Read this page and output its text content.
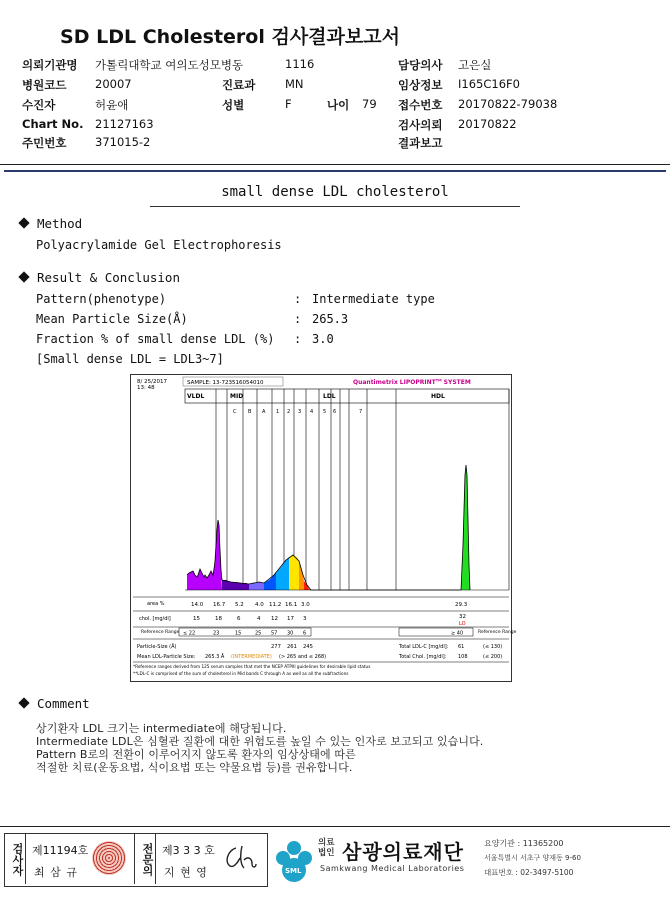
SD LDL Cholesterol 검사결과보고서
의뢰기관명 가톨릭대학교 여의도성모병동	1116	담당의사 고은실
병원코드 20007	진료과	MN	임상정보 I165C16F0
수진자	허윤애	성별	F	나이 79 접수번호 20170822-79038
Chart No. 21127163	검사의뢰 20170822
주민번호 371015-2	결과보고
small dense LDL cholesterol
Method
Polyacrylamide Gel Electrophoresis
Result & Conclusion
Pattern(phenotype)	: Intermediate type
Mean Particle Size(Å)	: 265.3
Fraction % of small dense LDL (%) : 3.0
[Small dense LDL = LDL3~7]
8/ 25/2017
13: 48
SAMPLE: 13-723516054010	Quantimetrix LIPOPRINT™ SYSTEM
VLDL	MID	LDL	HDL
C B A 1 2 3 4 5 6	7
area %	14.0 16.7 5.2 4.0 11.2 16.1 3.0	29.3
chol. [mg/dl]	15	18	6	4 12 17 3	32
LO
Reference Range ≤ 22	23	15	25 57 30 6	≥ 40	Reference Range
Particle-Size (Å)	277 261 245	Total LDL-C [mg/dl]: 61	(≤ 130)
Mean LDL-Particle Size: 265.3 Å (INTERMEDIATE) (> 265 and ≤ 268)	Total Chol. [mg/dl]: 108	(≤ 200)
*Reference ranges derived from 125 serum samples that met the NCEP ATPIII guidelines for desirable lipid status
**LDL-C is comprised of the sum of cholesterol in Mid bands C through A as well as all the subfractions
Comment
상기환자 LDL 크기는 intermediate에 해당됩니다.
Intermediate LDL은 심혈관 질환에 대한 위험도를 높일 수 있는 인자로 보고되고 있습니다.
Pattern B로의 전환이 이루어지지 않도록 환자의 임상상태에 따른
적절한 치료(운동요법, 식이요법 또는 약물요법 등)를 권유합니다.
검사자 제11194호
최 삼 규	전문의 제3 3 3 호
지 현 영	SML
의료법인 삼광의료재단
Samkwang Medical Laboratories
요양기관 : 11365200
서울특별시 서초구 양재동 9-60
대표번호 : 02-3497-5100
